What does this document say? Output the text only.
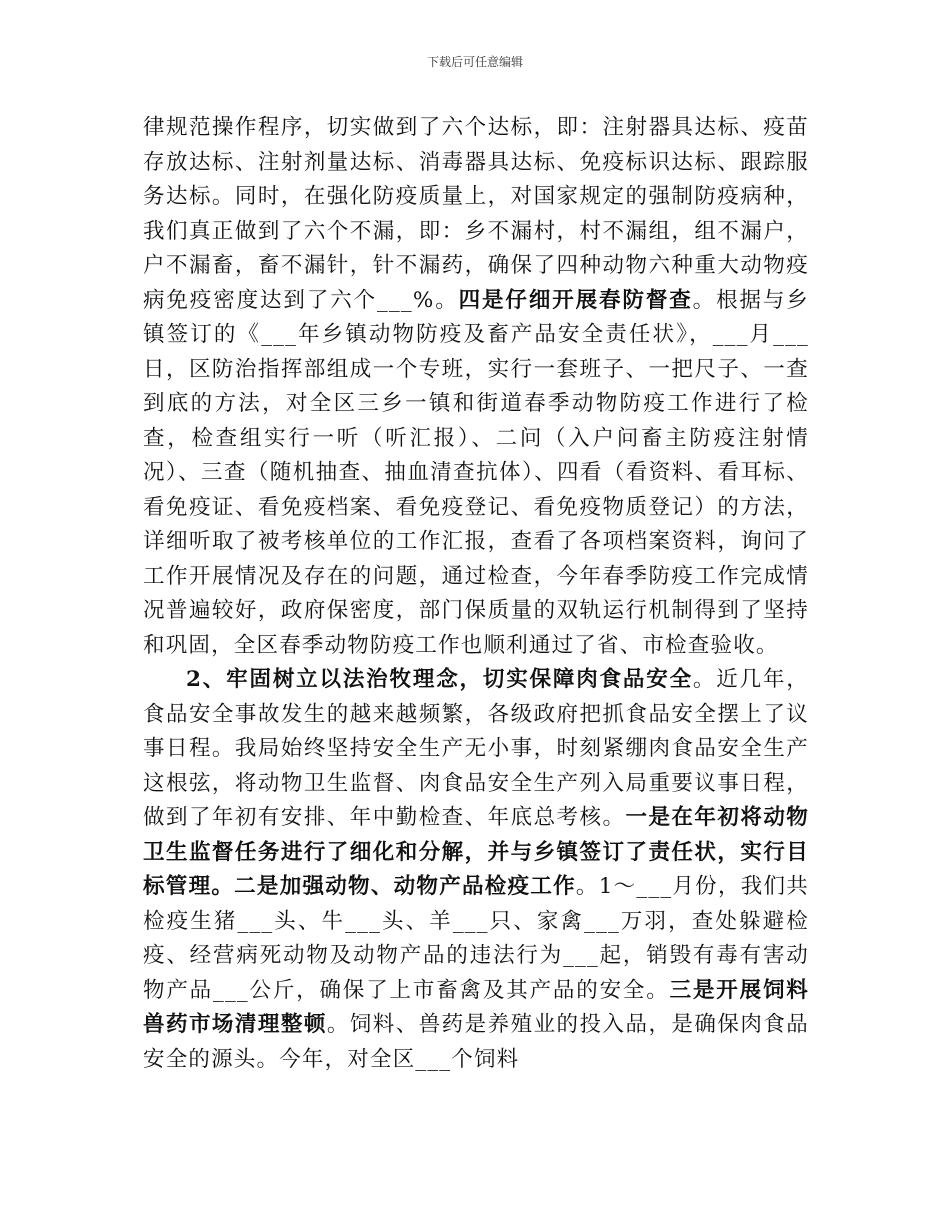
下载后可任意编辑

律规范操作程序，切实做到了六个达标，即：注射器具达标、疫苗存放达标、注射剂量达标、消毒器具达标、免疫标识达标、跟踪服务达标。同时，在强化防疫质量上，对国家规定的强制防疫病种，我们真正做到了六个不漏，即：乡不漏村，村不漏组，组不漏户，户不漏畜，畜不漏针，针不漏药，确保了四种动物六种重大动物疫病免疫密度达到了六个___%。四是仔细开展春防督查。根据与乡镇签订的《___年乡镇动物防疫及畜产品安全责任状》，___月___日，区防治指挥部组成一个专班，实行一套班子、一把尺子、一查到底的方法，对全区三乡一镇和街道春季动物防疫工作进行了检查，检查组实行一听（听汇报）、二问（入户问畜主防疫注射情况）、三查（随机抽查、抽血清查抗体）、四看（看资料、看耳标、看免疫证、看免疫档案、看免疫登记、看免疫物质登记）的方法，详细听取了被考核单位的工作汇报，查看了各项档案资料，询问了工作开展情况及存在的问题，通过检查，今年春季防疫工作完成情况普遍较好，政府保密度，部门保质量的双轨运行机制得到了坚持和巩固，全区春季动物防疫工作也顺利通过了省、市检查验收。

2、牢固树立以法治牧理念，切实保障肉食品安全。近几年，食品安全事故发生的越来越频繁，各级政府把抓食品安全摆上了议事日程。我局始终坚持安全生产无小事，时刻紧绷肉食品安全生产这根弦，将动物卫生监督、肉食品安全生产列入局重要议事日程，做到了年初有安排、年中勤检查、年底总考核。一是在年初将动物卫生监督任务进行了细化和分解，并与乡镇签订了责任状，实行目标管理。二是加强动物、动物产品检疫工作。1～___月份，我们共检疫生猪___头、牛___头、羊___只、家禽___万羽，查处躲避检疫、经营病死动物及动物产品的违法行为___起，销毁有毒有害动物产品___公斤，确保了上市畜禽及其产品的安全。三是开展饲料兽药市场清理整顿。饲料、兽药是养殖业的投入品，是确保肉食品安全的源头。今年，对全区___个饲料
